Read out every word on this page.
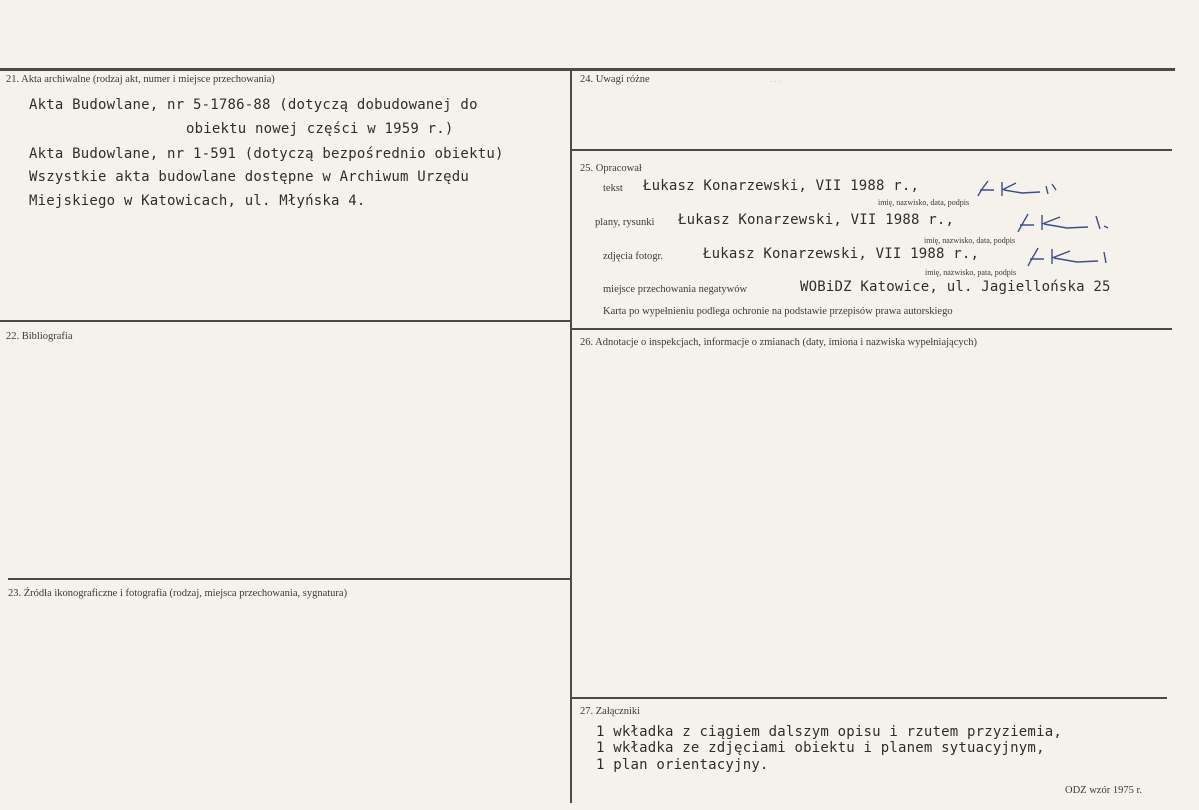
. . .
21. Akta archiwalne (rodzaj akt, numer i miejsce przechowania)
Akta Budowlane, nr 5-1786-88 (dotyczą dobudowanej do
obiektu nowej części w 1959 r.)
Akta Budowlane, nr 1-591 (dotyczą bezpośrednio obiektu)
Wszystkie akta budowlane dostępne w Archiwum Urzędu
Miejskiego w Katowicach, ul. Młyńska 4.
22. Bibliografia
23. Źródła ikonograficzne i fotografia (rodzaj, miejsca przechowania, sygnatura)
24. Uwagi różne
25. Opracował
tekst Łukasz Konarzewski, VII 1988 r.,
imię, nazwisko, data, podpis
plany, rysunki Łukasz Konarzewski, VII 1988 r.,
imię, nazwisko, data, podpis
zdjęcia fotogr.	Łukasz Konarzewski, VII 1988 r.,
imię, nazwisko, pata, podpis
miejsce przechowania negatywów	WOBiDZ Katowice, ul. Jagiellońska 25
Karta po wypełnieniu podlega ochronie na podstawie przepisów prawa autorskiego
26. Adnotacje o inspekcjach, informacje o zmianach (daty, imiona i nazwiska wypełniających)
27. Załączniki
1 wkładka z ciągiem dalszym opisu i rzutem przyziemia,
1 wkładka ze zdjęciami obiektu i planem sytuacyjnym,
1 plan orientacyjny.
ODZ wzór 1975 r.
